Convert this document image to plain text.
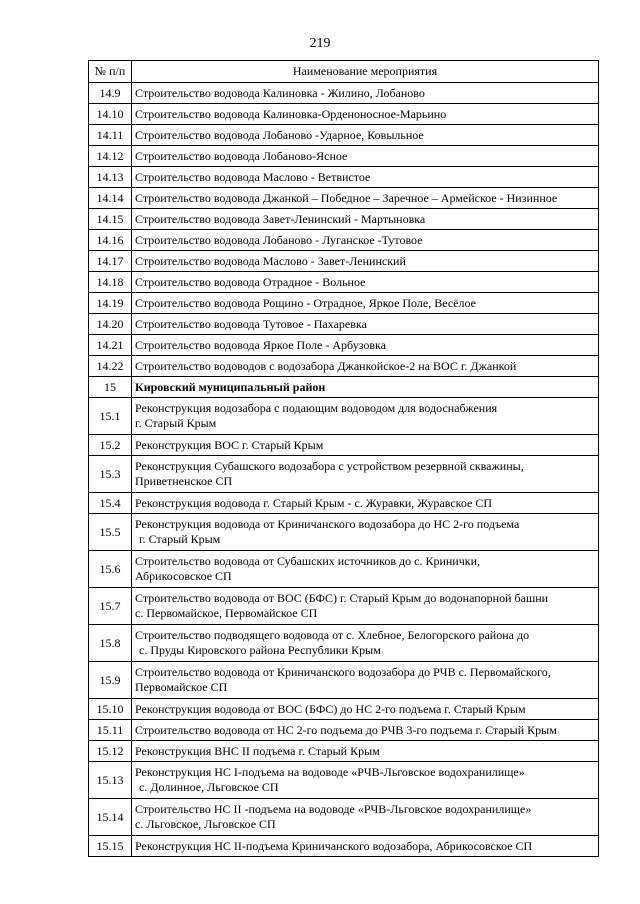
219
№ п/п	Наименование мероприятия
14.9	Строительство водовода Калиновка - Жилино, Лобаново

14.10	Строительство водовода Калиновка-Орденоносное-Марьино

14.11	Строительство водовода Лобаново -Ударное, Ковыльное

14.12	Строительство водовода Лобаново-Ясное

14.13	Строительство водовода Маслово - Ветвистое

14.14	Строительство водовода Джанкой – Победное – Заречное – Армейское - Низинное

14.15	Строительство водовода Завет-Ленинский - Мартыновка

14.16	Строительство водовода Лобаново - Луганское -Тутовое

14.17	Строительство водовода Маслово - Завет-Ленинский

14.18	Строительство водовода Отрадное - Вольное

14.19	Строительство водовода Рощино - Отрадное, Яркое Поле, Весёлое

14.20	Строительство водовода Тутовое - Пахаревка

14.21	Строительство водовода Яркое Поле - Арбузовка

14.22	Строительство водоводов с водозабора Джанкойское-2 на ВОС г. Джанкой

15	Кировский муниципальный район

15.1	Реконструкция водозабора с подающим водоводом для водоснабжения
г. Старый Крым

15.2	Реконструкция ВОС г. Старый Крым

15.3	Реконструкция Субашского водозабора с устройством резервной скважины,
Приветненское СП

15.4	Реконструкция водовода г. Старый Крым - с. Журавки, Журавское СП

15.5	Реконструкция водовода от Криничанского водозабора до НС 2-го подъема
г. Старый Крым

15.6	Строительство водовода от Субашских источников до с. Кринички,
Абрикосовское СП

15.7	Строительство водовода от ВОС (БФС) г. Старый Крым до водонапорной башни
с. Первомайское, Первомайское СП

15.8	Строительство подводящего водовода от с. Хлебное, Белогорского района до
с. Пруды Кировского района Республики Крым

15.9	Строительство водовода от Криничанского водозабора до РЧВ с. Первомайского,
Первомайское СП

15.10	Реконструкция водовода от ВОС (БФС) до НС 2-го подъема г. Старый Крым

15.11	Строительство водовода от НС 2-го подъема до РЧВ 3-го подъема г. Старый Крым

15.12	Реконструкция ВНС II подъема г. Старый Крым

15.13	Реконструкция НС I-подъема на водоводе «РЧВ-Льговское водохранилище»
с. Долинное, Льговское СП

15.14	Строительство НС II -подъема на водоводе «РЧВ-Льговское водохранилище»
с. Льговское, Льговское СП

15.15	Реконструкция НС II-подъема Криничанского водозабора, Абрикосовское СП
